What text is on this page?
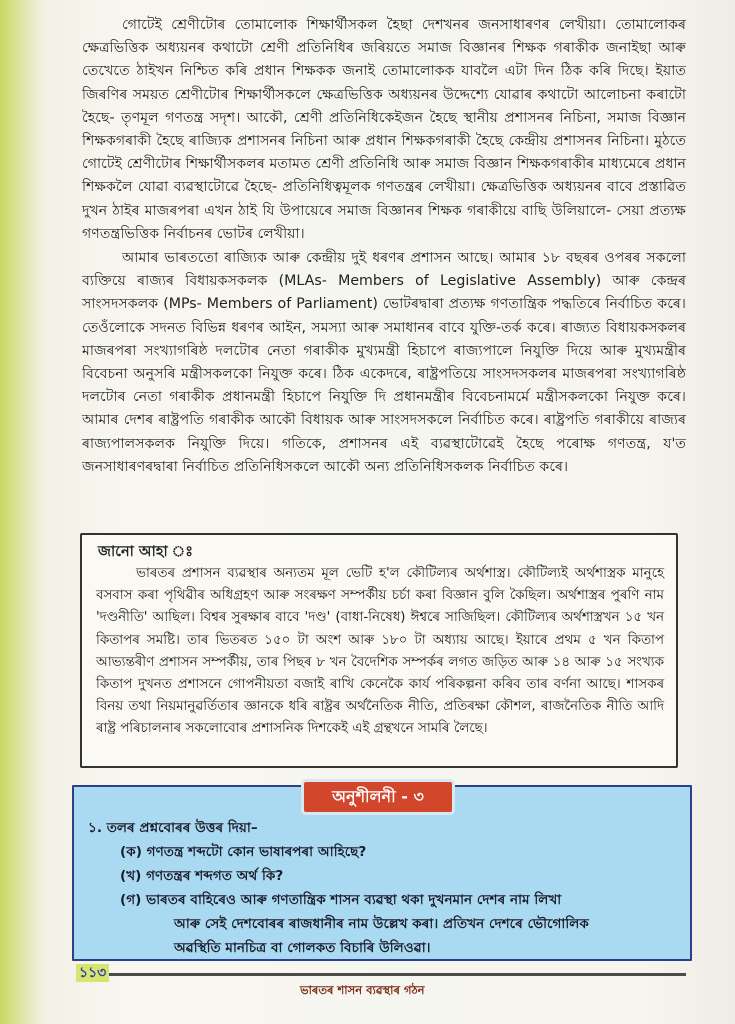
গোটেই শ্রেণীটোৰ তোমালোক শিক্ষাৰ্থীসকল হৈছা দেশখনৰ জনসাধাৰণৰ লেখীয়া। তোমালোকৰ ক্ষেত্ৰভিত্তিক অধ্যয়নৰ কথাটো শ্ৰেণী প্ৰতিনিধিৰ জৰিয়তে সমাজ বিজ্ঞানৰ শিক্ষক গৰাকীক জনাইছা আৰু তেখেতে ঠাইখন নিশ্চিত কৰি প্ৰধান শিক্ষকক জনাই তোমালোকক যাবলৈ এটা দিন ঠিক কৰি দিছে। ইয়াত জিৰণিৰ সময়ত শ্ৰেণীটোৰ শিক্ষাৰ্থীসকলে ক্ষেত্ৰভিত্তিক অধ্যয়নৰ উদ্দেশ্যে যোৱাৰ কথাটো আলোচনা কৰাটো হৈছে- তৃণমূল গণতন্ত্ৰ সদৃশ। আকৌ, শ্ৰেণী প্ৰতিনিধিকেইজন হৈছে স্থানীয় প্ৰশাসনৰ নিচিনা, সমাজ বিজ্ঞান শিক্ষকগৰাকী হৈছে ৰাজ্যিক প্ৰশাসনৰ নিচিনা আৰু প্ৰধান শিক্ষকগৰাকী হৈছে কেন্দ্ৰীয় প্ৰশাসনৰ নিচিনা। মুঠতে গোটেই শ্ৰেণীটোৰ শিক্ষাৰ্থীসকলৰ মতামত শ্ৰেণী প্ৰতিনিধি আৰু সমাজ বিজ্ঞান শিক্ষকগৰাকীৰ মাধ্যমেৰে প্ৰধান শিক্ষকলৈ যোৱা ব্যৱস্থাটোৱে হৈছে- প্ৰতিনিধিত্বমূলক গণতন্ত্ৰৰ লেখীয়া। ক্ষেত্ৰভিত্তিক অধ্যয়নৰ বাবে প্ৰস্তাৱিত দুখন ঠাইৰ মাজৰপৰা এখন ঠাই যি উপায়েৰে সমাজ বিজ্ঞানৰ শিক্ষক গৰাকীয়ে বাছি উলিয়ালে- সেয়া প্ৰত্যক্ষ গণতন্ত্ৰভিত্তিক নিৰ্বাচনৰ ভোটৰ লেখীয়া।

আমাৰ ভাৰততো ৰাজ্যিক আৰু কেন্দ্ৰীয় দুই ধৰণৰ প্ৰশাসন আছে। আমাৰ ১৮ বছৰৰ ওপৰৰ সকলো ব্যক্তিয়ে ৰাজ্যৰ বিধায়কসকলক (MLAs- Members of Legislative Assembly) আৰু কেন্দ্ৰৰ সাংসদসকলক (MPs- Members of Parliament) ভোটৰদ্বাৰা প্ৰত্যক্ষ গণতান্ত্ৰিক পদ্ধতিৰে নিৰ্বাচিত কৰে। তেওঁলোকে সদনত বিভিন্ন ধৰণৰ আইন, সমস্যা আৰু সমাধানৰ বাবে যুক্তি-তৰ্ক কৰে। ৰাজ্যত বিধায়কসকলৰ মাজৰপৰা সংখ্যাগৰিষ্ঠ দলটোৰ নেতা গৰাকীক মুখ্যমন্ত্ৰী হিচাপে ৰাজ্যপালে নিযুক্তি দিয়ে আৰু মুখ্যমন্ত্ৰীৰ বিবেচনা অনুসৰি মন্ত্ৰীসকলকো নিযুক্ত কৰে। ঠিক একেদৰে, ৰাষ্ট্ৰপতিয়ে সাংসদসকলৰ মাজৰপৰা সংখ্যাগৰিষ্ঠ দলটোৰ নেতা গৰাকীক প্ৰধানমন্ত্ৰী হিচাপে নিযুক্তি দি প্ৰধানমন্ত্ৰীৰ বিবেচনামৰ্মে মন্ত্ৰীসকলকো নিযুক্ত কৰে। আমাৰ দেশৰ ৰাষ্ট্ৰপতি গৰাকীক আকৌ বিধায়ক আৰু সাংসদসকলে নিৰ্বাচিত কৰে। ৰাষ্ট্ৰপতি গৰাকীয়ে ৰাজ্যৰ ৰাজ্যপালসকলক নিযুক্তি দিয়ে। গতিকে, প্ৰশাসনৰ এই ব্যৱস্থাটোৱেই হৈছে পৰোক্ষ গণতন্ত্ৰ, য'ত জনসাধাৰণৰদ্বাৰা নিৰ্বাচিত প্ৰতিনিধিসকলে আকৌ অন্য প্ৰতিনিধিসকলক নিৰ্বাচিত কৰে।

জানো আহা ঃ

ভাৰতৰ প্ৰশাসন ব্যৱস্থাৰ অন্যতম মূল ভেটি হ'ল কৌটিল্যৰ অৰ্থশাস্ত্ৰ। কৌটিল্যই অৰ্থশাস্ত্ৰক মানুহে বসবাস কৰা পৃথিৱীৰ অধিগ্ৰহণ আৰু সংৰক্ষণ সম্পৰ্কীয় চৰ্চা কৰা বিজ্ঞান বুলি কৈছিল। অৰ্থশাস্ত্ৰৰ পুৰণি নাম 'দণ্ডনীতি' আছিল। বিশ্বৰ সুৰক্ষাৰ বাবে 'দণ্ড' (বাধা-নিষেধ) ঈশ্বৰে সাজিছিল। কৌটিল্যৰ অৰ্থশাস্ত্ৰখন ১৫ খন কিতাপৰ সমষ্টি। তাৰ ভিতৰত ১৫০ টা অংশ আৰু ১৮০ টা অধ্যায় আছে। ইয়াৰে প্ৰথম ৫ খন কিতাপ আভ্যন্তৰীণ প্ৰশাসন সম্পৰ্কীয়, তাৰ পিছৰ ৮ খন বৈদেশিক সম্পৰ্কৰ লগত জড়িত আৰু ১৪ আৰু ১৫ সংখ্যক কিতাপ দুখনত প্ৰশাসনে গোপনীয়তা বজাই ৰাখি কেনেকৈ কাৰ্য পৰিকল্পনা কৰিব তাৰ বৰ্ণনা আছে। শাসকৰ বিনয় তথা নিয়মানুৱৰ্তিতাৰ জ্ঞানকে ধৰি ৰাষ্ট্ৰৰ অৰ্থনৈতিক নীতি, প্ৰতিৰক্ষা কৌশল, ৰাজনৈতিক নীতি আদি ৰাষ্ট্ৰ পৰিচালনাৰ সকলোবোৰ প্ৰশাসনিক দিশকেই এই গ্ৰন্থখনে সামৰি লৈছে।

অনুশীলনী - ৩
১. তলৰ প্ৰশ্নবোৰৰ উত্তৰ দিয়া–
(ক) গণতন্ত্ৰ শব্দটো কোন ভাষাৰপৰা আহিছে?
(খ) গণতন্ত্ৰৰ শব্দগত অৰ্থ কি?
(গ) ভাৰতৰ বাহিৰেও আৰু গণতান্ত্ৰিক শাসন ব্যৱস্থা থকা দুখনমান দেশৰ নাম লিখা
আৰু সেই দেশবোৰৰ ৰাজধানীৰ নাম উল্লেখ কৰা। প্ৰতিখন দেশৰে ভৌগোলিক
অৱস্থিতি মানচিত্ৰ বা গোলকত বিচাৰি উলিওৱা।
১১৩
ভাৰতৰ শাসন ব্যৱস্থাৰ গঠন
